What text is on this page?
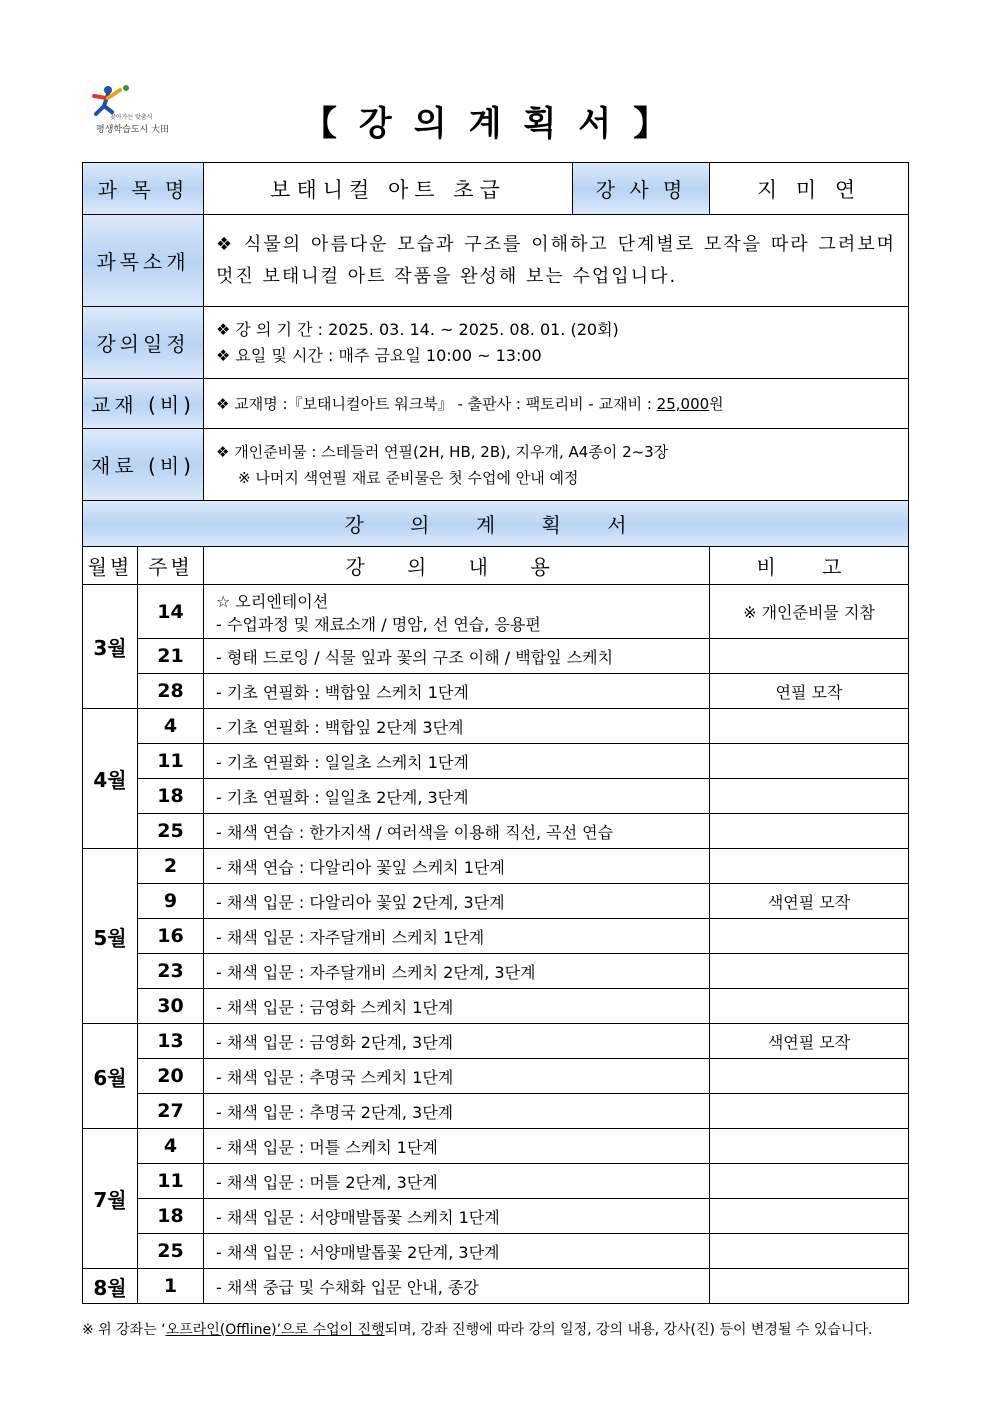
찾아가는 맞춤식
평생학습도시 大田	【강의계획서】
과 목 명		보태니컬 아트 초급	강 사 명	지 미 연
과목소개		❖ 식물의 아름다운 모습과 구조를 이해하고 단계별로 모작을 따라 그려보며 멋진 보태니컬 아트 작품을 완성해 보는 수업입니다.		
강의일정		❖ 강 의 기 간 : 2025. 03. 14. ~ 2025. 08. 01. (20회)
❖ 요일 및 시간 : 매주 금요일 10:00 ~ 13:00		

교재 (비)		❖ 교재명 :『보태니컬아트 워크북』 - 출판사 : 팩토리비 - 교재비 : 25,000원		
재료 (비)		❖ 개인준비물 : 스테들러 연필(2H, HB, 2B), 지우개, A4종이 2~3장
※ 나머지 색연필 재료 준비물은 첫 수업에 안내 예정		

강 의 계 획 서				
월별	주별	강 의 내 용		비 고
3월	14	☆ 오리엔테이션
- 수업과정 및 재료소개 / 명암, 선 연습, 응용편		※ 개인준비물 지참
	21	- 형태 드로잉 / 식물 잎과 꽃의 구조 이해 / 백합잎 스케치		

	28	- 기초 연필화 : 백합잎 스케치 1단계		연필 모작
4월	4	- 기초 연필화 : 백합잎 2단계 3단계		

	11	- 기초 연필화 : 일일초 스케치 1단계		

	18	- 기초 연필화 : 일일초 2단계, 3단계		

	25	- 채색 연습 : 한가지색 / 여러색을 이용해 직선, 곡선 연습		

5월	2	- 채색 연습 : 다알리아 꽃잎 스케치 1단계		

	9	- 채색 입문 : 다알리아 꽃잎 2단계, 3단계		색연필 모작
	16	- 채색 입문 : 자주달개비 스케치 1단계		

	23	- 채색 입문 : 자주달개비 스케치 2단계, 3단계		

	30	- 채색 입문 : 금영화 스케치 1단계		

6월	13	- 채색 입문 : 금영화 2단계, 3단계		색연필 모작
	20	- 채색 입문 : 추명국 스케치 1단계		

	27	- 채색 입문 : 추명국 2단계, 3단계		

7월	4	- 채색 입문 : 머틀 스케치 1단계		

	11	- 채색 입문 : 머틀 2단계, 3단계		

	18	- 채색 입문 : 서양매발톱꽃 스케치 1단계		

	25	- 채색 입문 : 서양매발톱꽃 2단계, 3단계		

8월	1	- 채색 중급 및 수채화 입문 안내, 종강		

※ 위 강좌는 ‘오프라인(Offline)’으로 수업이 진행되며, 강좌 진행에 따라 강의 일정, 강의 내용, 강사(진) 등이 변경될 수 있습니다.
